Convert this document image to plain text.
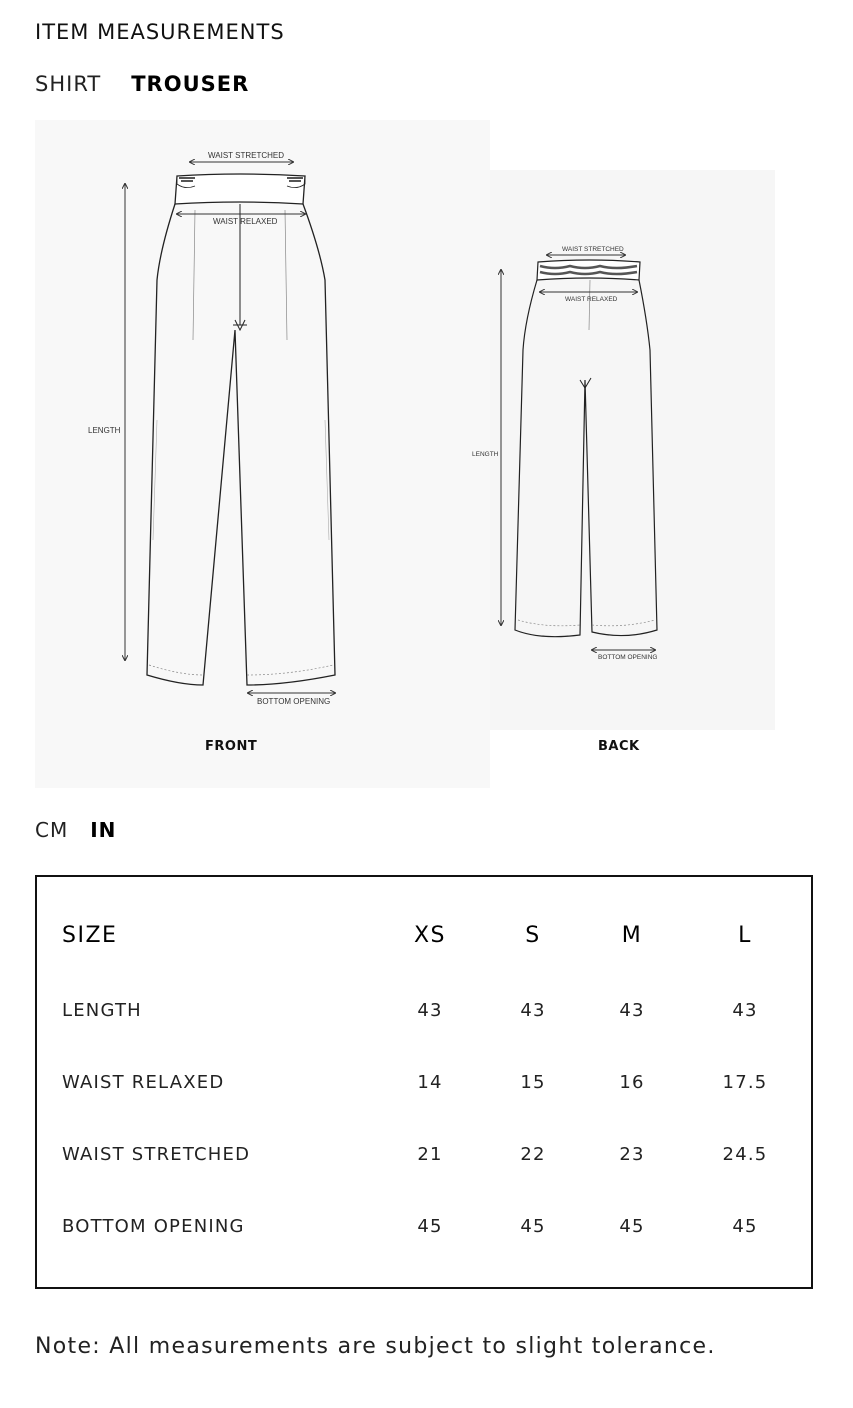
ITEM MEASUREMENTS
SHIRT TROUSER
WAIST STRETCHED
WAIST RELAXED
LENGTH
BOTTOM OPENING
WAIST STRETCHED
WAIST RELAXED
LENGTH
BOTTOM OPENING
FRONT	BACK
CM IN
SIZE	XS	S	M	L
LENGTH	43	43	43	43
WAIST RELAXED	14	15	16	17.5
WAIST STRETCHED	21	22	23	24.5
BOTTOM OPENING	45	45	45	45
Note: All measurements are subject to slight tolerance.
